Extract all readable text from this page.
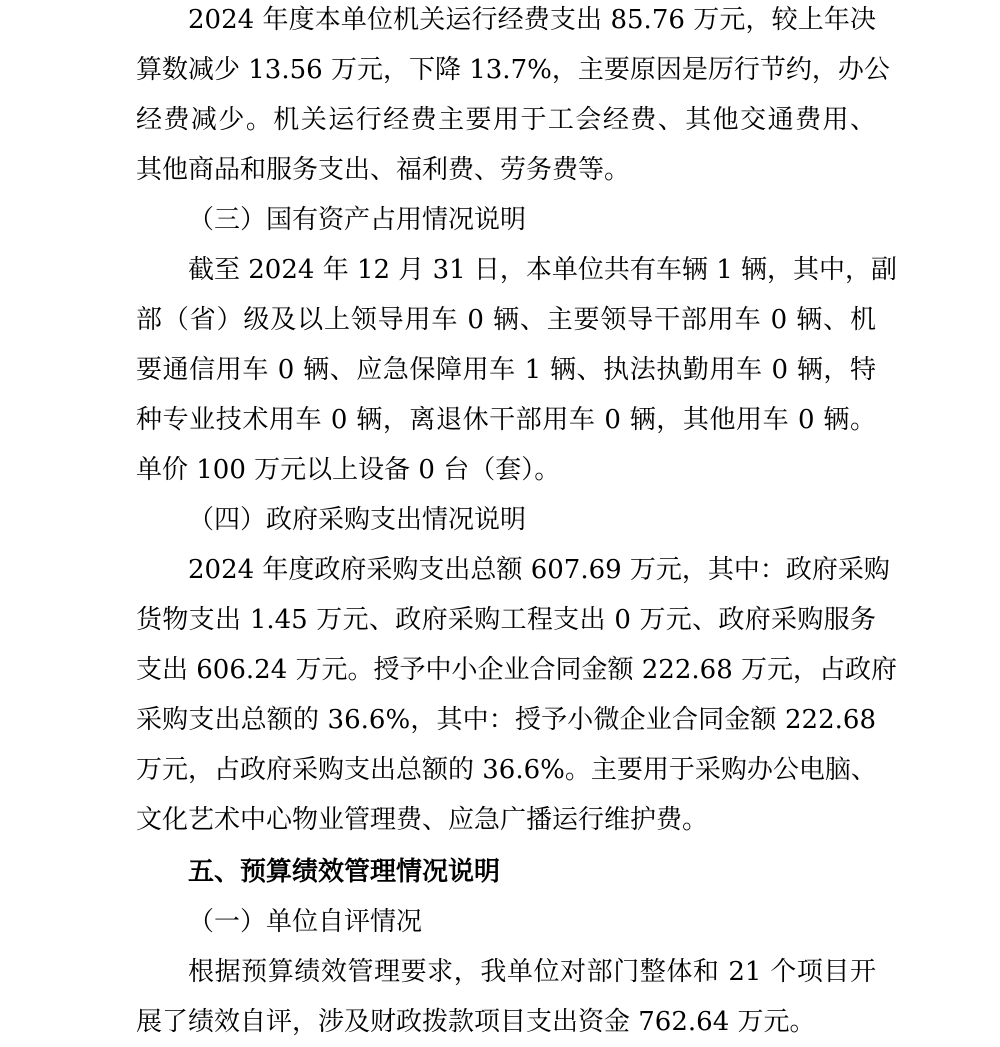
2024 年度本单位机关运行经费支出 85.76 万元，较上年决
算数减少 13.56 万元，下降 13.7%，主要原因是厉行节约，办公
经费减少。机关运行经费主要用于工会经费、其他交通费用、
其他商品和服务支出、福利费、劳务费等。
（三）国有资产占用情况说明
截至 2024 年 12 月 31 日，本单位共有车辆 1 辆，其中，副
部（省）级及以上领导用车 0 辆、主要领导干部用车 0 辆、机
要通信用车 0 辆、应急保障用车 1 辆、执法执勤用车 0 辆，特
种专业技术用车 0 辆，离退休干部用车 0 辆，其他用车 0 辆。
单价 100 万元以上设备 0 台（套）。
（四）政府采购支出情况说明
2024 年度政府采购支出总额 607.69 万元，其中：政府采购
货物支出 1.45 万元、政府采购工程支出 0 万元、政府采购服务
支出 606.24 万元。授予中小企业合同金额 222.68 万元，占政府
采购支出总额的 36.6%，其中：授予小微企业合同金额 222.68
万元，占政府采购支出总额的 36.6%。主要用于采购办公电脑、
文化艺术中心物业管理费、应急广播运行维护费。
五、预算绩效管理情况说明
（一）单位自评情况
根据预算绩效管理要求，我单位对部门整体和 21 个项目开
展了绩效自评，涉及财政拨款项目支出资金 762.64 万元。
